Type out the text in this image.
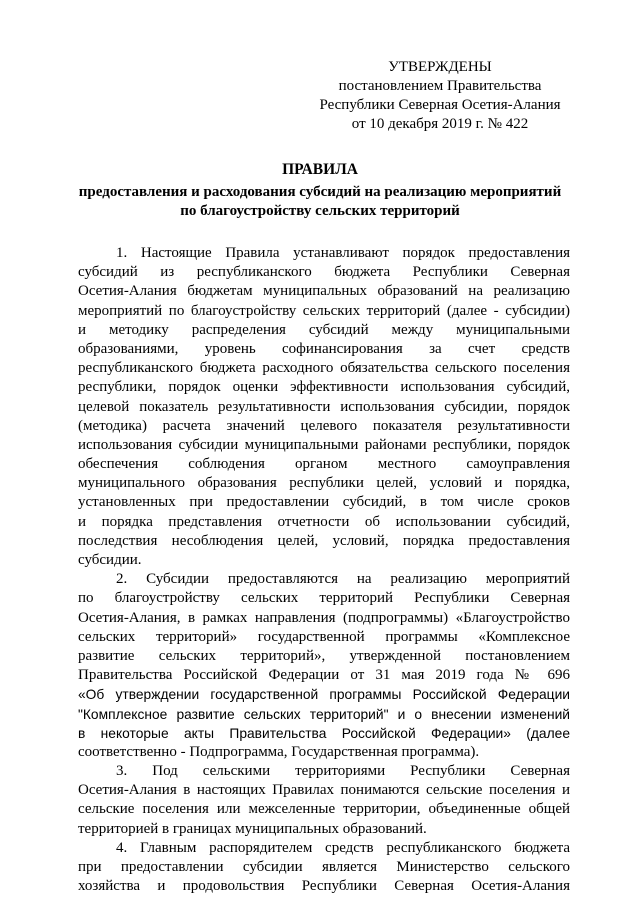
УТВЕРЖДЕНЫ
постановлением Правительства
Республики Северная Осетия-Алания
от 10 декабря 2019 г. № 422
ПРАВИЛА
предоставления и расходования субсидий на реализацию мероприятий
по благоустройству сельских территорий
1. Настоящие Правила устанавливают порядок предоставления
субсидий из республиканского бюджета Республики Северная
Осетия-Алания бюджетам муниципальных образований на реализацию
мероприятий по благоустройству сельских территорий (далее - субсидии)
и методику распределения субсидий между муниципальными
образованиями, уровень софинансирования за счет средств
республиканского бюджета расходного обязательства сельского поселения
республики, порядок оценки эффективности использования субсидий,
целевой показатель результативности использования субсидии, порядок
(методика) расчета значений целевого показателя результативности
использования субсидии муниципальными районами республики, порядок
обеспечения соблюдения органом местного самоуправления
муниципального образования республики целей, условий и порядка,
установленных при предоставлении субсидий, в том числе сроков
и порядка представления отчетности об использовании субсидий,
последствия несоблюдения целей, условий, порядка предоставления
субсидии.
2. Субсидии предоставляются на реализацию мероприятий
по благоустройству сельских территорий Республики Северная
Осетия-Алания, в рамках направления (подпрограммы) «Благоустройство
сельских территорий» государственной программы «Комплексное
развитие сельских территорий», утвержденной постановлением
Правительства Российской Федерации от 31 мая 2019 года № 696
«Об утверждении государственной программы Российской Федерации
"Комплексное развитие сельских территорий" и о внесении изменений
в некоторые акты Правительства Российской Федерации» (далее
соответственно - Подпрограмма, Государственная программа).
3. Под сельскими территориями Республики Северная
Осетия-Алания в настоящих Правилах понимаются сельские поселения и
сельские поселения или межселенные территории, объединенные общей
территорией в границах муниципальных образований.
4. Главным распорядителем средств республиканского бюджета
при предоставлении субсидии является Министерство сельского
хозяйства и продовольствия Республики Северная Осетия-Алания
